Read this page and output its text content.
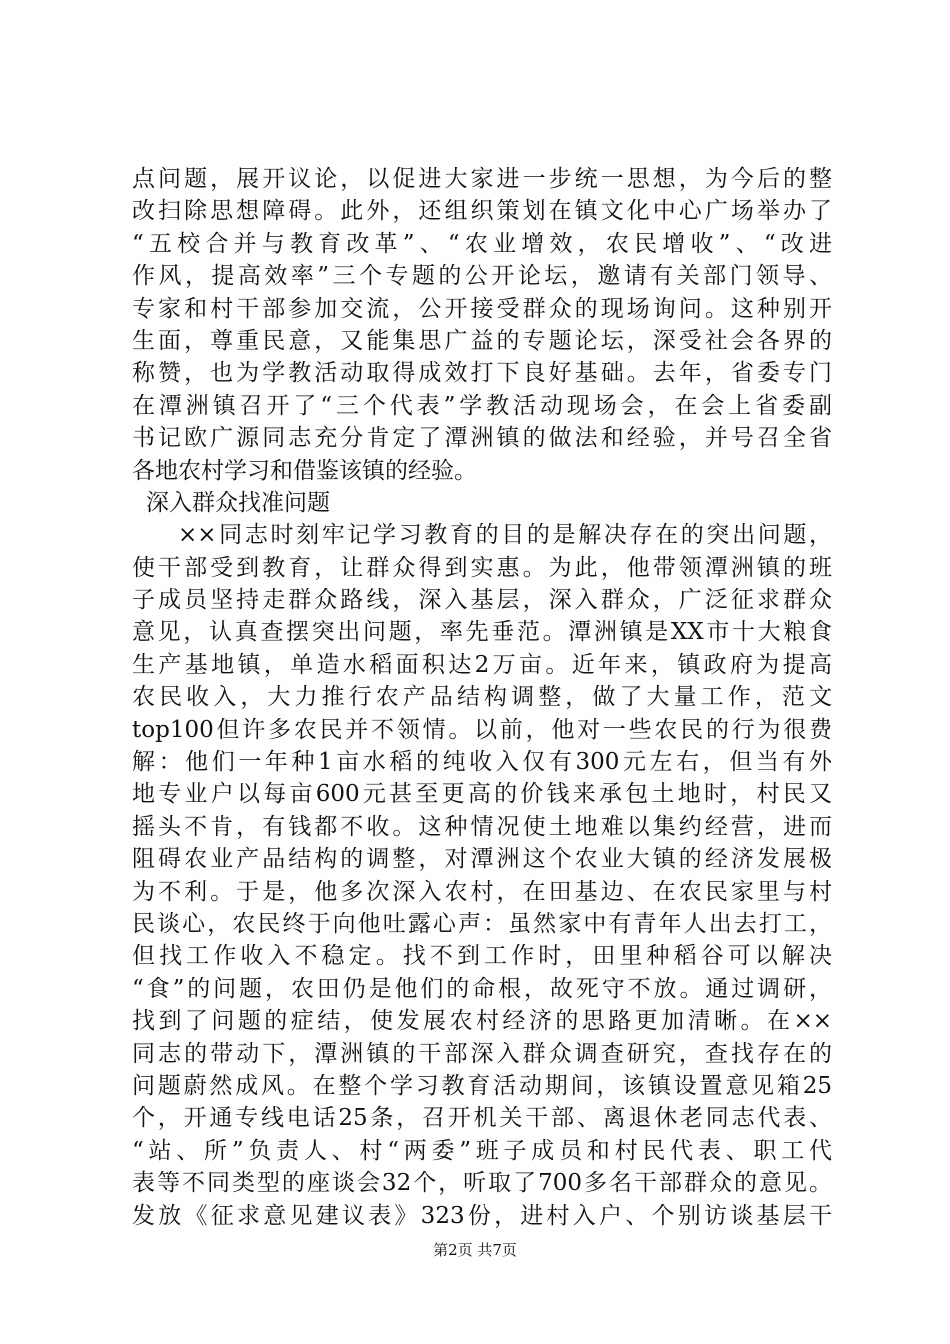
点问题，展开议论，以促进大家进一步统一思想，为今后的整
改扫除思想障碍。此外，还组织策划在镇文化中心广场举办了
“五校合并与教育改革”、“农业增效，农民增收”、“改进
作风，提高效率”三个专题的公开论坛，邀请有关部门领导、
专家和村干部参加交流，公开接受群众的现场询问。这种别开
生面，尊重民意，又能集思广益的专题论坛，深受社会各界的
称赞，也为学教活动取得成效打下良好基础。去年，省委专门
在潭洲镇召开了“三个代表”学教活动现场会，在会上省委副
书记欧广源同志充分肯定了潭洲镇的做法和经验，并号召全省
各地农村学习和借鉴该镇的经验。
深入群众找准问题
××同志时刻牢记学习教育的目的是解决存在的突出问题，
使干部受到教育，让群众得到实惠。为此，他带领潭洲镇的班
子成员坚持走群众路线，深入基层，深入群众，广泛征求群众
意见，认真查摆突出问题，率先垂范。潭洲镇是XX市十大粮食
生产基地镇，单造水稻面积达2万亩。近年来，镇政府为提高
农民收入，大力推行农产品结构调整，做了大量工作，范文
top100但许多农民并不领情。以前，他对一些农民的行为很费
解：他们一年种1亩水稻的纯收入仅有300元左右，但当有外
地专业户以每亩600元甚至更高的价钱来承包土地时，村民又
摇头不肯，有钱都不收。这种情况使土地难以集约经营，进而
阻碍农业产品结构的调整，对潭洲这个农业大镇的经济发展极
为不利。于是，他多次深入农村，在田基边、在农民家里与村
民谈心，农民终于向他吐露心声：虽然家中有青年人出去打工，
但找工作收入不稳定。找不到工作时，田里种稻谷可以解决
“食”的问题，农田仍是他们的命根，故死守不放。通过调研，
找到了问题的症结，使发展农村经济的思路更加清晰。在××
同志的带动下，潭洲镇的干部深入群众调查研究，查找存在的
问题蔚然成风。在整个学习教育活动期间，该镇设置意见箱25
个，开通专线电话25条，召开机关干部、离退休老同志代表、
“站、所”负责人、村“两委”班子成员和村民代表、职工代
表等不同类型的座谈会32个，听取了700多名干部群众的意见。
发放《征求意见建议表》323份，进村入户、个别访谈基层干
第2页 共7页
